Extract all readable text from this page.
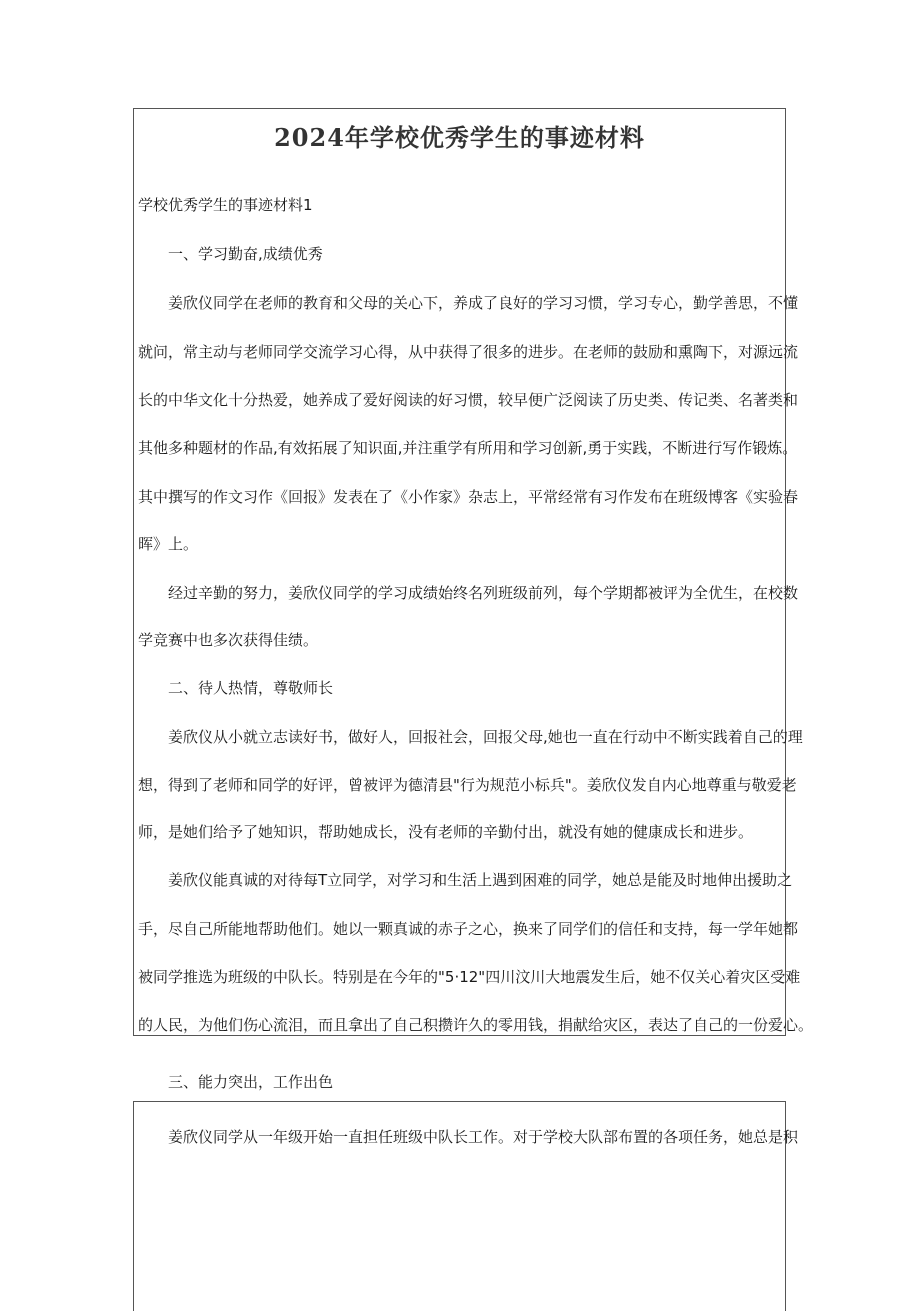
2024年学校优秀学生的事迹材料
学校优秀学生的事迹材料1
一、学习勤奋,成绩优秀
姜欣仪同学在老师的教育和父母的关心下，养成了良好的学习习惯，学习专心，勤学善思，不懂
就问，常主动与老师同学交流学习心得，从中获得了很多的进步。在老师的鼓励和熏陶下，对源远流
长的中华文化十分热爱，她养成了爱好阅读的好习惯，较早便广泛阅读了历史类、传记类、名著类和
其他多种题材的作品,有效拓展了知识面,并注重学有所用和学习创新,勇于实践，不断进行写作锻炼。
其中撰写的作文习作《回报》发表在了《小作家》杂志上，平常经常有习作发布在班级博客《实验春
晖》上。
经过辛勤的努力，姜欣仪同学的学习成绩始终名列班级前列，每个学期都被评为全优生，在校数
学竞赛中也多次获得佳绩。
二、待人热情，尊敬师长
姜欣仪从小就立志读好书，做好人，回报社会，回报父母,她也一直在行动中不断实践着自己的理
想，得到了老师和同学的好评，曾被评为德清县"行为规范小标兵"。姜欣仪发自内心地尊重与敬爱老
师，是她们给予了她知识，帮助她成长，没有老师的辛勤付出，就没有她的健康成长和进步。
姜欣仪能真诚的对待每T立同学，对学习和生活上遇到困难的同学，她总是能及时地伸出援助之
手，尽自己所能地帮助他们。她以一颗真诚的赤子之心，换来了同学们的信任和支持，每一学年她都
被同学推选为班级的中队长。特别是在今年的"5·12"四川汶川大地震发生后，她不仅关心着灾区受难
的人民，为他们伤心流泪，而且拿出了自己积攒许久的零用钱，捐献给灾区，表达了自己的一份爱心。
三、能力突出，工作出色
姜欣仪同学从一年级开始一直担任班级中队长工作。对于学校大队部布置的各项任务，她总是积
